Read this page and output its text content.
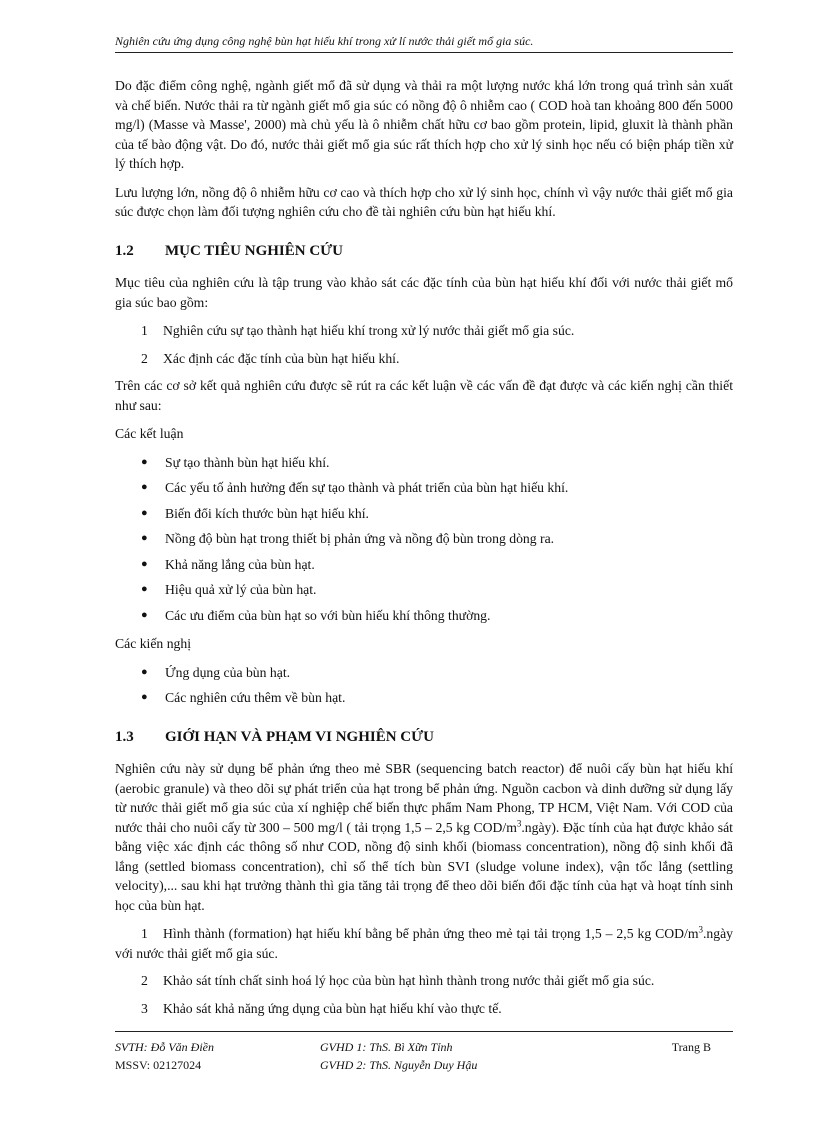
Nghiên cứu ứng dụng công nghệ bùn hạt hiếu khí trong xử lí nước thải giết mổ gia súc.

Do đặc điểm công nghệ, ngành giết mổ đã sử dụng và thải ra một lượng nước khá lớn trong quá trình sản xuất và chế biến. Nước thải ra từ ngành giết mổ gia súc có nồng độ ô nhiễm cao ( COD hoà tan khoảng 800 đến 5000 mg/l) (Masse và Masse', 2000) mà chủ yếu là ô nhiễm chất hữu cơ bao gồm protein, lipid, gluxit là thành phần của tế bào động vật. Do đó, nước thải giết mổ gia súc rất thích hợp cho xử lý sinh học nếu có biện pháp tiền xử lý thích hợp.

Lưu lượng lớn, nồng độ ô nhiễm hữu cơ cao và thích hợp cho xử lý sinh học, chính vì vậy nước thải giết mổ gia súc được chọn làm đối tượng nghiên cứu cho đề tài nghiên cứu bùn hạt hiếu khí.

1.2 MỤC TIÊU NGHIÊN CỨU

Mục tiêu của nghiên cứu là tập trung vào khảo sát các đặc tính của bùn hạt hiếu khí đối với nước thải giết mổ gia súc bao gồm:

1 Nghiên cứu sự tạo thành hạt hiếu khí trong xử lý nước thải giết mổ gia súc.
2 Xác định các đặc tính của bùn hạt hiếu khí.

Trên các cơ sở kết quả nghiên cứu được sẽ rút ra các kết luận về các vấn đề đạt được và các kiến nghị cần thiết như sau:

Các kết luận
● Sự tạo thành bùn hạt hiếu khí.
● Các yếu tố ảnh hưởng đến sự tạo thành và phát triển của bùn hạt hiếu khí.
● Biến đổi kích thước bùn hạt hiếu khí.
● Nồng độ bùn hạt trong thiết bị phản ứng và nồng độ bùn trong dòng ra.
● Khả năng lắng của bùn hạt.
● Hiệu quả xử lý của bùn hạt.
● Các ưu điểm của bùn hạt so với bùn hiếu khí thông thường.
Các kiến nghị
● Ứng dụng của bùn hạt.
● Các nghiên cứu thêm về bùn hạt.
1.3 GIỚI HẠN VÀ PHẠM VI NGHIÊN CỨU

Nghiên cứu này sử dụng bể phản ứng theo mẻ SBR (sequencing batch reactor) để nuôi cấy bùn hạt hiếu khí (aerobic granule) và theo dõi sự phát triển của hạt trong bể phản ứng. Nguồn cacbon và dinh dưỡng sử dụng lấy từ nước thải giết mổ gia súc của xí nghiệp chế biến thực phẩm Nam Phong, TP HCM, Việt Nam. Với COD của nước thải cho nuôi cấy từ 300 – 500 mg/l ( tải trọng 1,5 – 2,5 kg COD/$m^3.ngày$). Đặc tính của hạt được khảo sát bằng việc xác định các thông số như COD, nồng độ sinh khối (biomass concentration), nồng độ sinh khối đã lắng (settled biomass concentration), chỉ số thể tích bùn SVI (sludge volune index), vận tốc lắng (settling velocity),... sau khi hạt trưởng thành thì gia tăng tải trọng để theo dõi biến đổi đặc tính của hạt và hoạt tính sinh học của bùn hạt.

1 Hình thành (formation) hạt hiếu khí bằng bể phản ứng theo mẻ tại tải trọng 1,5 – 2,5 kg COD/$m^3.ngày$ với nước thải giết mổ gia súc.
2 Khảo sát tính chất sinh hoá lý học của bùn hạt hình thành trong nước thải giết mổ gia súc.
3 Khảo sát khả năng ứng dụng của bùn hạt hiếu khí vào thực tế.
SVTH: Đỗ Văn Điền
MSSV: 02127024
GVHD 1: ThS. Bì Xữn Tỉnh
GVHD 2: ThS. Nguyễn Duy Hậu
Trang B
